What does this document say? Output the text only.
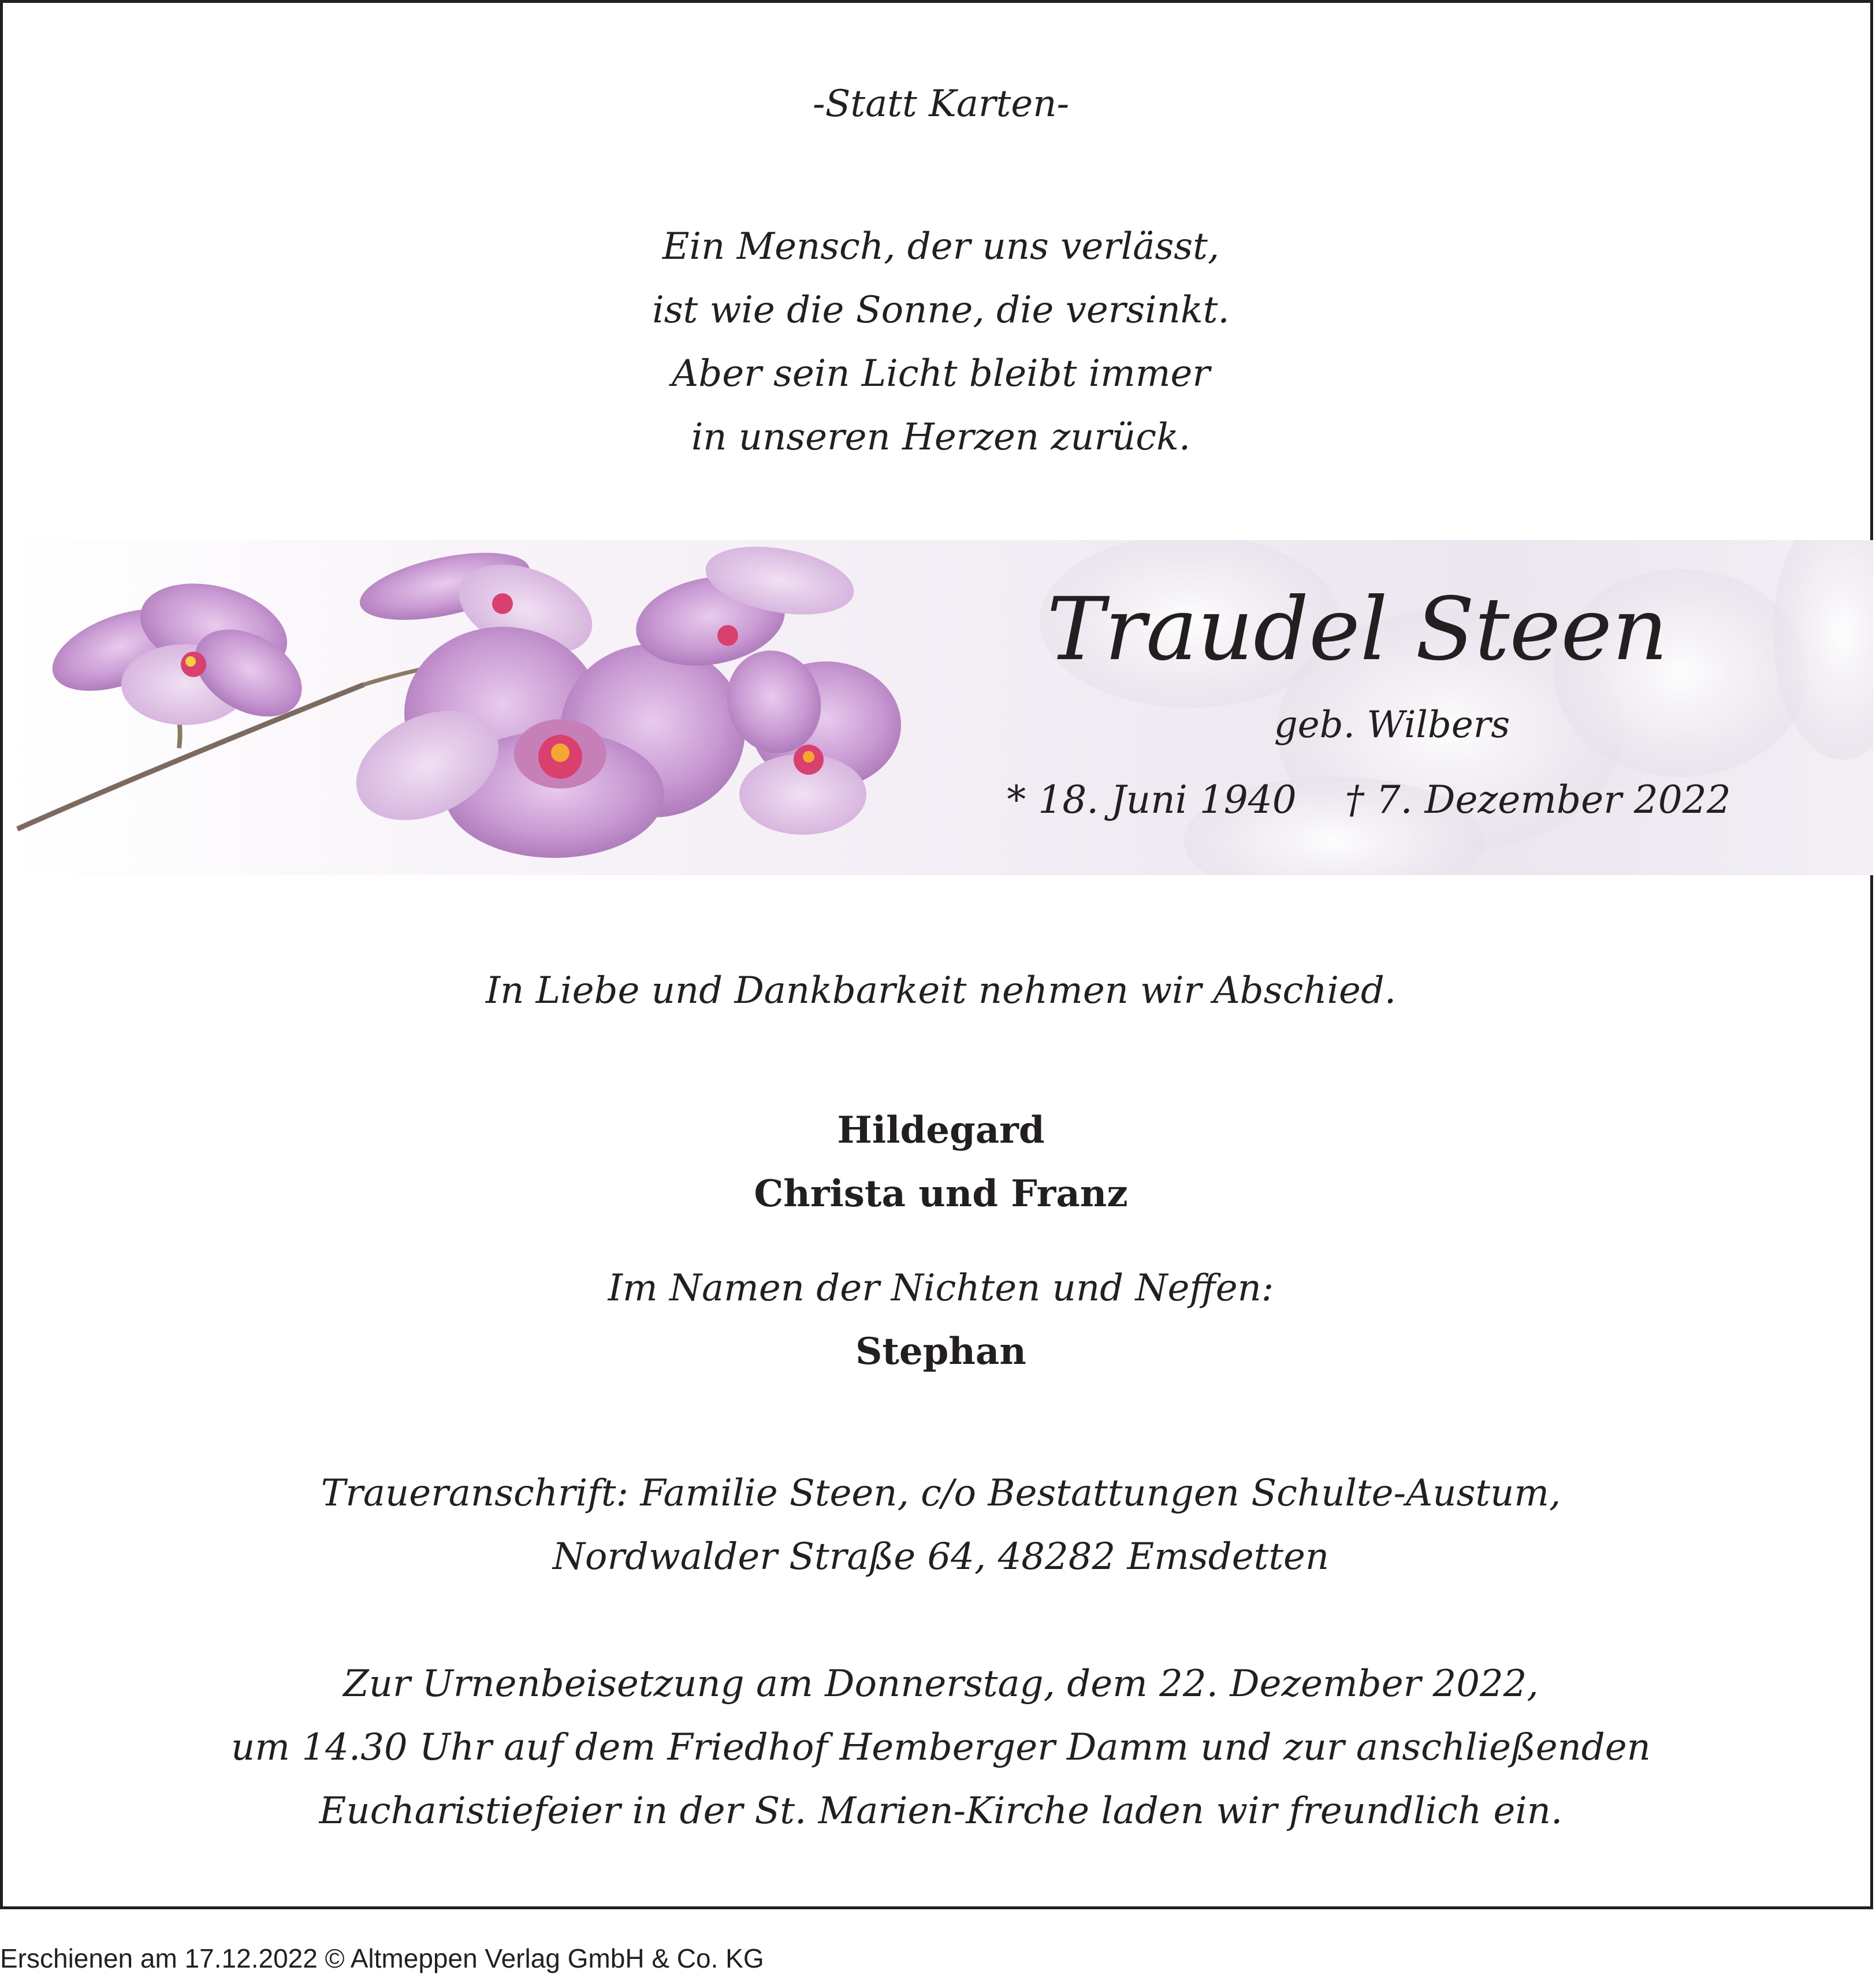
-Statt Karten-
Ein Mensch, der uns verlässt,
ist wie die Sonne, die versinkt.
Aber sein Licht bleibt immer
in unseren Herzen zurück.
Traudel Steen
geb. Wilbers
* 18. Juni 1940    † 7. Dezember 2022
In Liebe und Dankbarkeit nehmen wir Abschied.
Hildegard
Christa und Franz
Im Namen der Nichten und Neffen:
Stephan
Traueranschrift: Familie Steen, c/o Bestattungen Schulte-Austum,
Nordwalder Straße 64, 48282 Emsdetten
Zur Urnenbeisetzung am Donnerstag, dem 22. Dezember 2022,
um 14.30 Uhr auf dem Friedhof Hemberger Damm und zur anschließenden
Eucharistiefeier in der St. Marien-Kirche laden wir freundlich ein.
Erschienen am 17.12.2022 © Altmeppen Verlag GmbH & Co. KG
